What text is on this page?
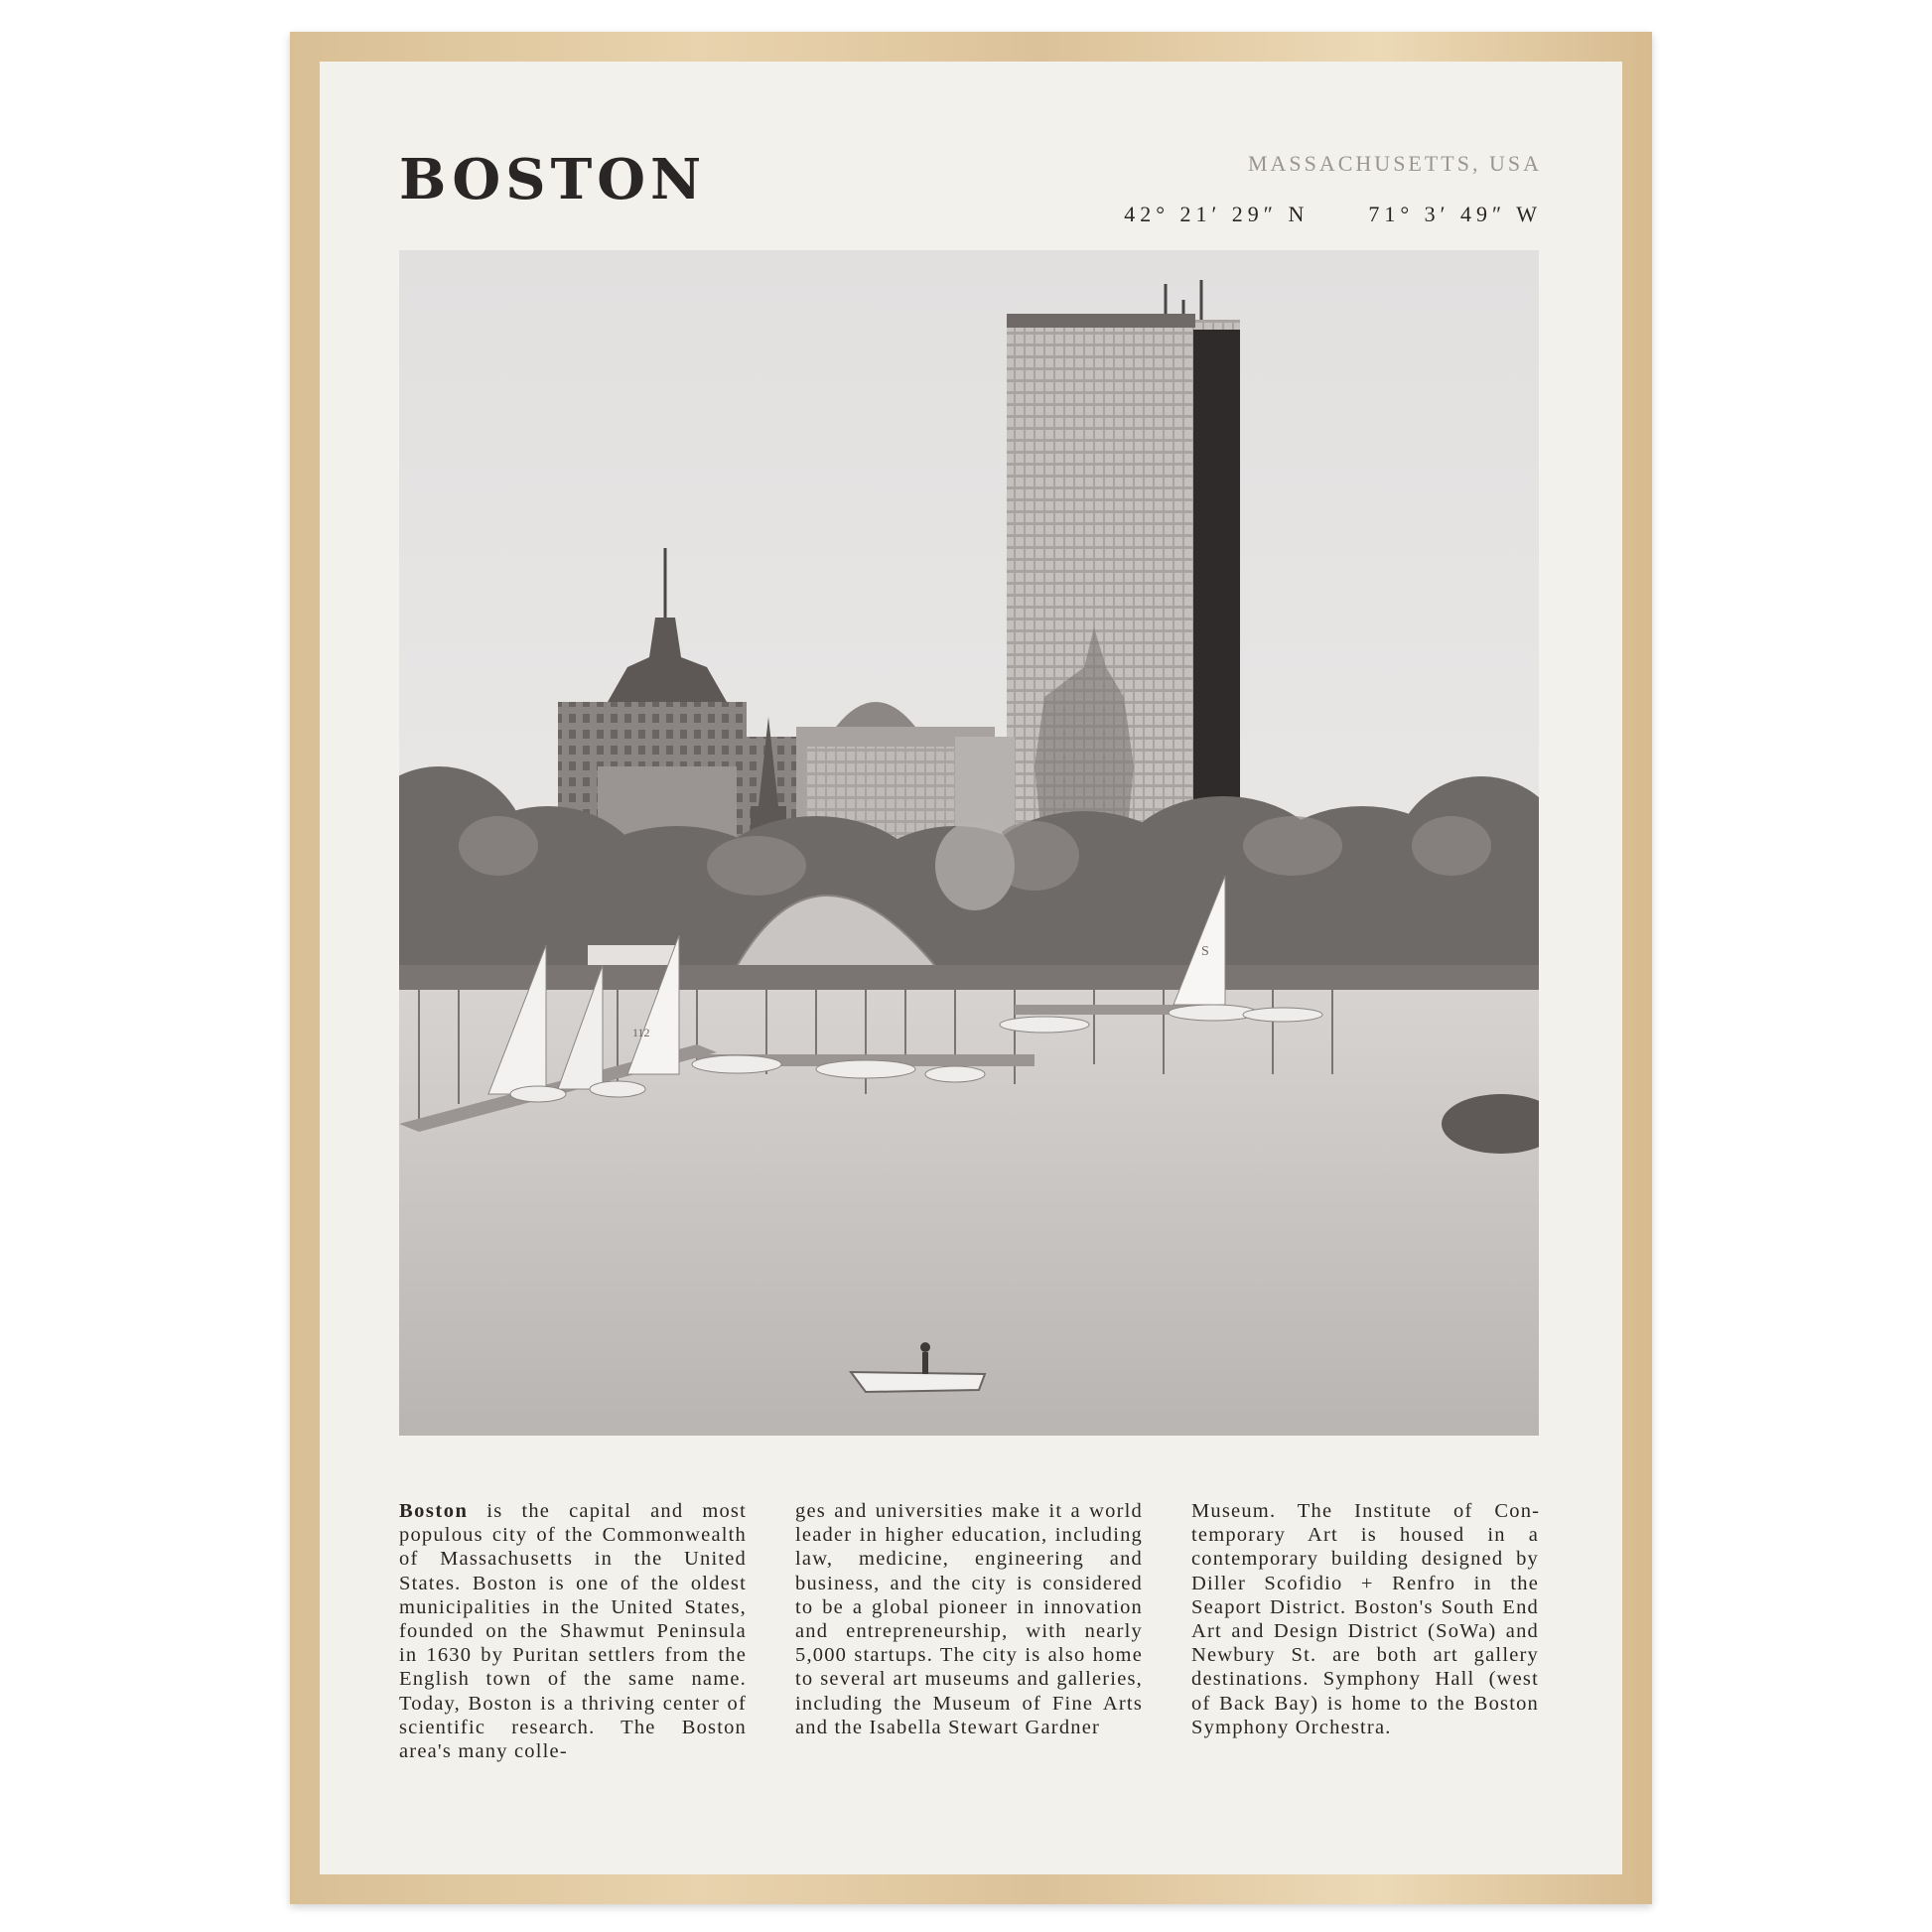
BOSTON	MASSACHUSETTS, USA

42° 21′ 29″ N	71° 3′ 49″ W

112
S

Boston is the capital and most populous city of the Commonwealth of Massachusetts in the United States. Boston is one of the oldest municipalities in the United States, founded on the Shawmut Peninsula in 1630 by Puritan settlers from the English town of the same name. Today, Boston is a thriving center of scientific research. The Boston area's many colle-

ges and universities make it a world leader in higher education, including law, medicine, engineering and business, and the city is considered to be a global pioneer in innovation and entrepreneurship, with nearly 5,000 startups. The city is also home to several art museums and galleries, including the Museum of Fine Arts and the Isabella Stewart Gardner

Museum. The Institute of Contemporary Art is housed in a contemporary building designed by Diller Scofidio + Renfro in the Seaport District. Boston's South End Art and Design District (SoWa) and Newbury St. are both art gallery destinations. Symphony Hall (west of Back Bay) is home to the Boston Symphony Orchestra.
